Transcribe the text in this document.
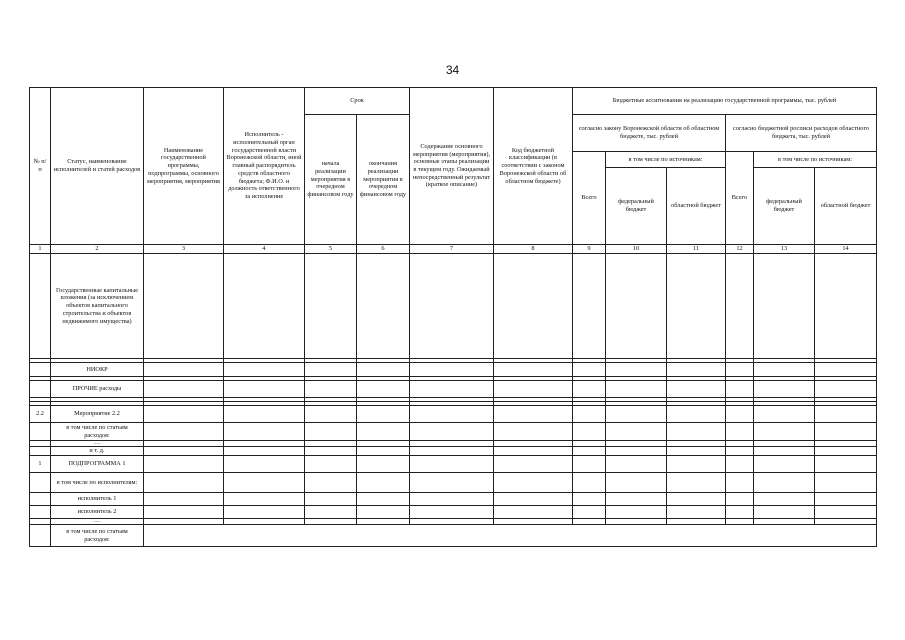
34
№ п/п	Статус, наименование исполнителей и статей расходов	Наименование государственной программы, подпрограммы, основного мероприятия, мероприятия	Исполнитель - исполнительный орган государственной власти Воронежской области, иной главный распорядитель средств областного бюджета; Ф.И.О. и должность ответственного за исполнение	Срок		Содержание основного мероприятия (мероприятия), основные этапы реализации в текущем году. Ожидаемый непосредственный результат (краткое описание)	Код бюджетной классификации (в соответствии с законом Воронежской области об областном бюджете)	Бюджетные ассигнования на реализацию государственной программы, тыс. рублей					
				начала реализации мероприятия в очередном финансовом году	окончания реализации мероприятия в очередном финансовом году			согласно закону Воронежской области об областном бюджете, тыс. рублей			согласно бюджетной росписи расходов областного бюджета, тыс. рублей		
								Всего	в том числе по источникам:		Всего	в том числе по источникам:	
									федеральный бюджет	областной бюджет		федеральный бюджет	областной бюджет
1	2	3	4	5	6	7	8	9	10	11	12	13	14
	Государственные капитальные вложения (за исключением объектов капитального строительства и объектов недвижимого имущества)												

	НИОКР												

	ПРОЧИЕ расходы												

2.2	Мероприятие 2.2												
	в том числе по статьям расходов:												
	.....												
	и т. д.												
1	ПОДПРОГРАММА 1												
	в том числе по исполнителям:												
	исполнитель 1												
	исполнитель 2												
	......												
	в том числе по статьям расходов:												
